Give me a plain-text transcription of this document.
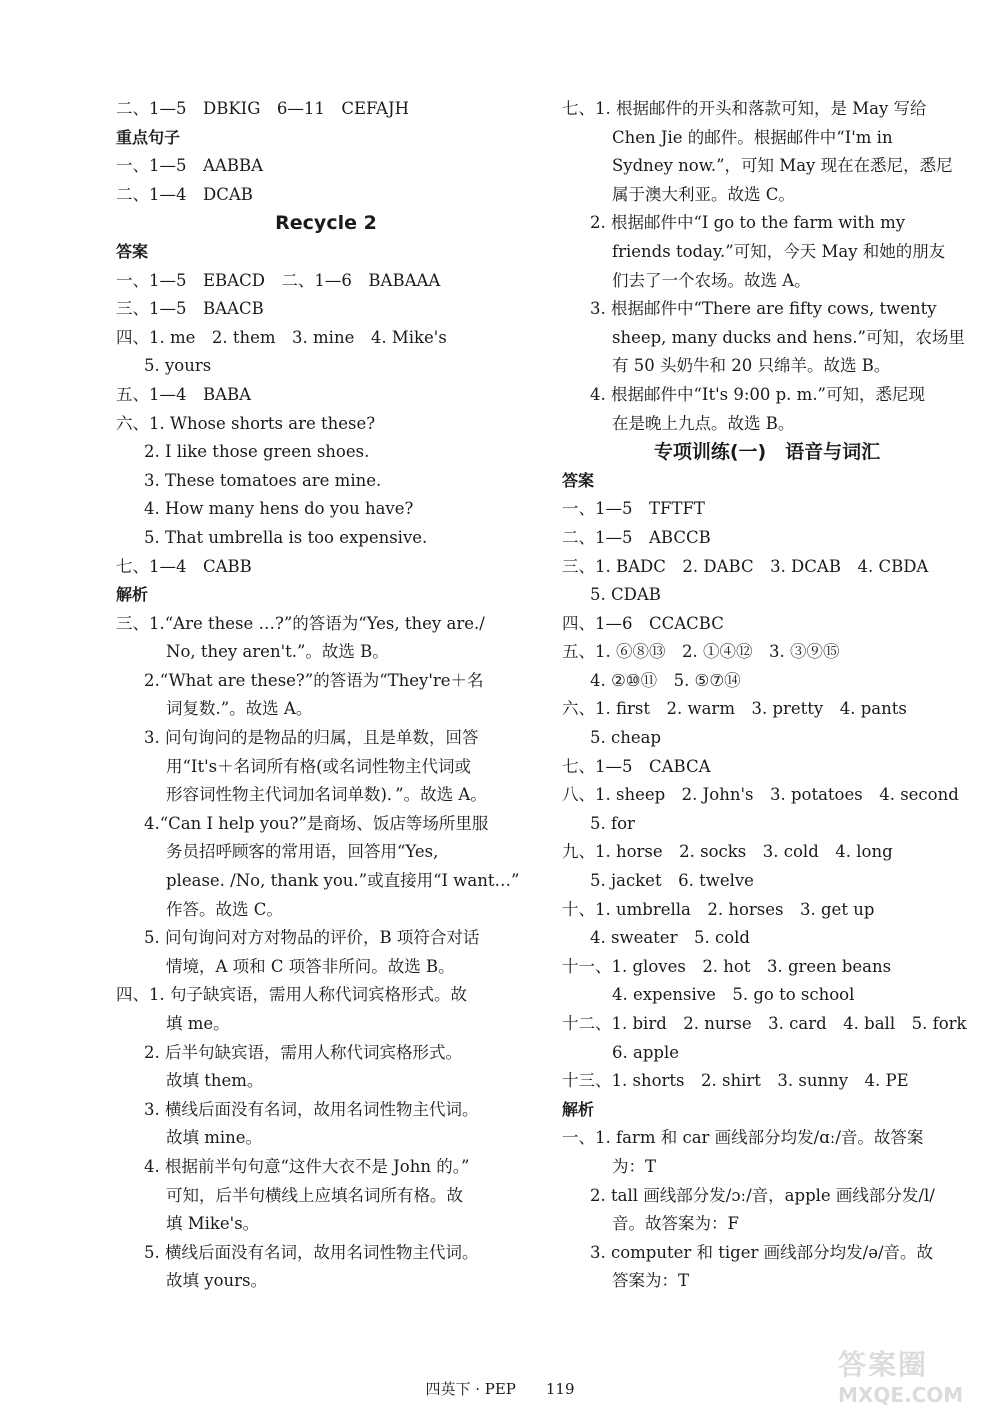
二、1—5　DBKIG　6—11　CEFAJH
重点句子
一、1—5　AABBA
二、1—4　DCAB
Recycle 2
答案
一、1—5　EBACD　二、1—6　BABAAA
三、1—5　BAACB
四、1. me　2. them　3. mine　4. Mike's
5. yours
五、1—4　BABA
六、1. Whose shorts are these?
2. I like those green shoes.
3. These tomatoes are mine.
4. How many hens do you have?
5. That umbrella is too expensive.
七、1—4　CABB
解析
三、1.“Are these …?”的答语为“Yes, they are./
No, they aren't.”。故选 B。
2.“What are these?”的答语为“They're＋名
词复数.”。故选 A。
3. 问句询问的是物品的归属，且是单数，回答
用“It's＋名词所有格(或名词性物主代词或
形容词性物主代词加名词单数)．”。故选 A。
4.“Can I help you?”是商场、饭店等场所里服
务员招呼顾客的常用语，回答用“Yes,
please. /No, thank you.”或直接用“I want…”
作答。故选 C。
5. 问句询问对方对物品的评价，B 项符合对话
情境，A 项和 C 项答非所问。故选 B。
四、1. 句子缺宾语，需用人称代词宾格形式。故
填 me。
2. 后半句缺宾语，需用人称代词宾格形式。
故填 them。
3. 横线后面没有名词，故用名词性物主代词。
故填 mine。
4. 根据前半句句意“这件大衣不是 John 的。”
可知，后半句横线上应填名词所有格。故
填 Mike's。
5. 横线后面没有名词，故用名词性物主代词。
故填 yours。
七、1. 根据邮件的开头和落款可知，是 May 写给
Chen Jie 的邮件。根据邮件中“I'm in
Sydney now.”，可知 May 现在在悉尼，悉尼
属于澳大利亚。故选 C。
2. 根据邮件中“I go to the farm with my
friends today.”可知，今天 May 和她的朋友
们去了一个农场。故选 A。
3. 根据邮件中“There are fifty cows, twenty
sheep, many ducks and hens.”可知，农场里
有 50 头奶牛和 20 只绵羊。故选 B。
4. 根据邮件中“It's 9:00 p. m.”可知，悉尼现
在是晚上九点。故选 B。
专项训练(一)　语音与词汇
答案
一、1—5　TFTFT
二、1—5　ABCCB
三、1. BADC　2. DABC　3. DCAB　4. CBDA
5. CDAB
四、1—6　CCACBC
五、1. ⑥⑧⑬　2. ①④⑫　3. ③⑨⑮
4. ②⑩⑪　5. ⑤⑦⑭
六、1. first　2. warm　3. pretty　4. pants
5. cheap
七、1—5　CABCA
八、1. sheep　2. John's　3. potatoes　4. second
5. for
九、1. horse　2. socks　3. cold　4. long
5. jacket　6. twelve
十、1. umbrella　2. horses　3. get up
4. sweater　5. cold
十一、1. gloves　2. hot　3. green beans
4. expensive　5. go to school
十二、1. bird　2. nurse　3. card　4. ball　5. fork
6. apple
十三、1. shorts　2. shirt　3. sunny　4. PE
解析
一、1. farm 和 car 画线部分均发/ɑː/音。故答案
为：T
2. tall 画线部分发/ɔː/音，apple 画线部分发/l/
音。故答案为：F
3. computer 和 tiger 画线部分均发/ə/音。故
答案为：T
四英下 · PEP　　119
答案圈
MXQE.COM
